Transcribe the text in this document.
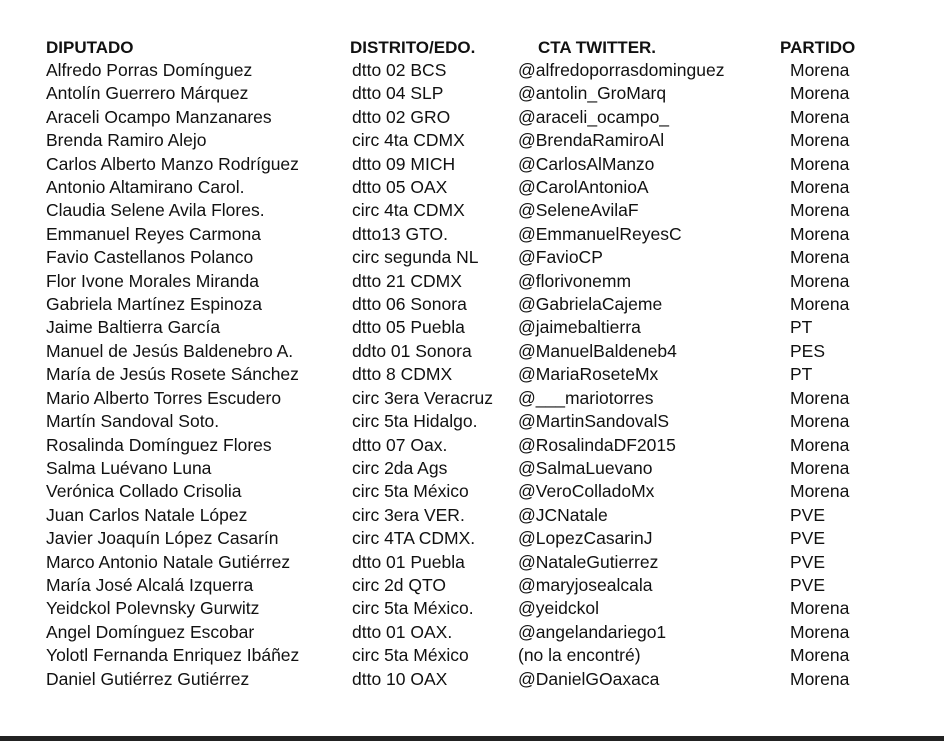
DIPUTADO	DISTRITO/EDO.	CTA TWITTER.	PARTIDO
Alfredo Porras Domínguez	dtto 02 BCS	@alfredoporrasdominguez	Morena
Antolín Guerrero Márquez	dtto 04 SLP	@antolin_GroMarq	Morena
Araceli Ocampo Manzanares	dtto 02 GRO	@araceli_ocampo_	Morena
Brenda Ramiro Alejo	circ 4ta CDMX	@BrendaRamiroAl	Morena
Carlos Alberto Manzo Rodríguez	dtto 09 MICH	@CarlosAlManzo	Morena
Antonio Altamirano Carol.	dtto 05 OAX	@CarolAntonioA	Morena
Claudia Selene Avila Flores.	circ 4ta CDMX	@SeleneAvilaF	Morena
Emmanuel Reyes Carmona	dtto13 GTO.	@EmmanuelReyesC	Morena
Favio Castellanos Polanco	circ segunda NL	@FavioCP	Morena
Flor Ivone Morales Miranda	dtto 21 CDMX	@florivonemm	Morena
Gabriela Martínez Espinoza	dtto 06 Sonora	@GabrielaCajeme	Morena
Jaime Baltierra García	dtto 05 Puebla	@jaimebaltierra	PT
Manuel de Jesús Baldenebro A.	ddto 01 Sonora	@ManuelBaldeneb4	PES
María de Jesús Rosete Sánchez	dtto 8 CDMX	@MariaRoseteMx	PT
Mario Alberto Torres Escudero	circ 3era Veracruz	@___mariotorres	Morena
Martín Sandoval Soto.	circ 5ta Hidalgo.	@MartinSandovalS	Morena
Rosalinda Domínguez Flores	dtto 07 Oax.	@RosalindaDF2015	Morena
Salma Luévano Luna	circ 2da Ags	@SalmaLuevano	Morena
Verónica Collado Crisolia	circ 5ta México	@VeroColladoMx	Morena
Juan Carlos Natale López	circ 3era VER.	@JCNatale	PVE
Javier Joaquín López Casarín	circ 4TA CDMX.	@LopezCasarinJ	PVE
Marco Antonio Natale Gutiérrez	dtto 01 Puebla	@NataleGutierrez	PVE
María José Alcalá Izquerra	circ 2d QTO	@maryjosealcala	PVE
Yeidckol Polevnsky Gurwitz	circ 5ta México.	@yeidckol	Morena
Angel Domínguez Escobar	dtto 01 OAX.	@angelandariego1	Morena
Yolotl Fernanda Enriquez Ibáñez	circ 5ta México	(no la encontré)	Morena
Daniel Gutiérrez Gutiérrez	dtto 10 OAX	@DanielGOaxaca	Morena
